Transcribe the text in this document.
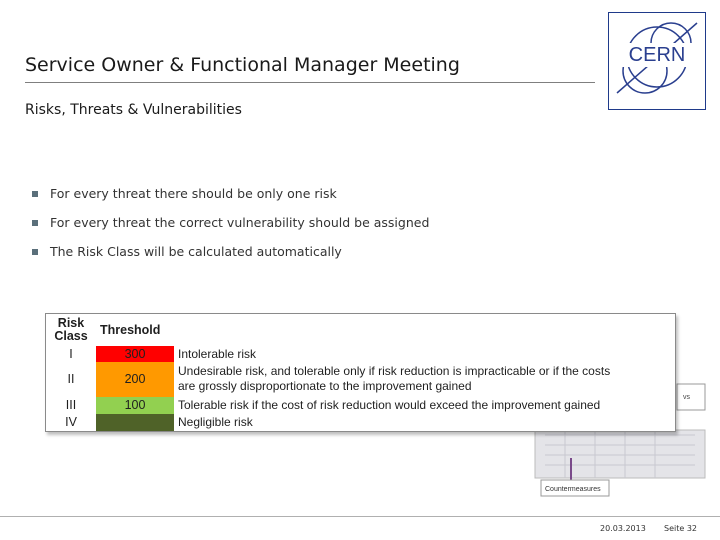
Service Owner & Functional Manager Meeting	CERN
Risks, Threats & Vulnerabilities
For every threat there should be only one risk
For every threat the correct vulnerability should be assigned
The Risk Class will be calculated automatically
vs
Countermeasures
Risk
Class	Threshold	
I	300	Intolerable risk
II	200	Undesirable risk, and tolerable only if risk reduction is impracticable or if the costs
are grossly disproportionate to the improvement gained

III	100	Tolerable risk if the cost of risk reduction would exceed the improvement gained
IV		Negligible risk
20.03.2013 Seite 32
